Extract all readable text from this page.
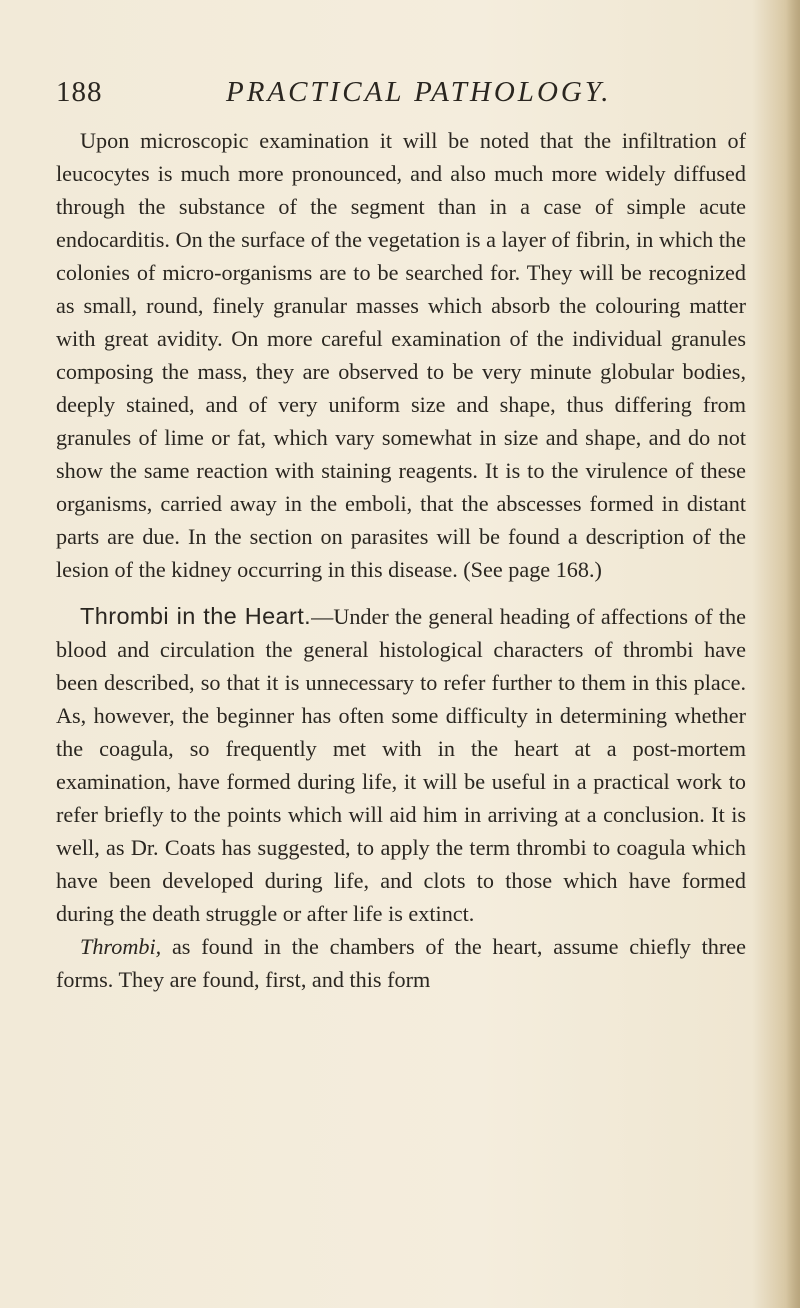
188	PRACTICAL PATHOLOGY.

Upon microscopic examination it will be noted that the infiltration of leucocytes is much more pronounced, and also much more widely diffused through the substance of the segment than in a case of simple acute endocarditis. On the surface of the vegetation is a layer of fibrin, in which the colonies of micro-organisms are to be searched for. They will be recognized as small, round, finely granular masses which absorb the colouring matter with great avidity. On more careful examination of the individual granules composing the mass, they are observed to be very minute globular bodies, deeply stained, and of very uniform size and shape, thus differing from granules of lime or fat, which vary somewhat in size and shape, and do not show the same reaction with staining reagents. It is to the virulence of these organisms, carried away in the emboli, that the abscesses formed in distant parts are due. In the section on parasites will be found a description of the lesion of the kidney occurring in this disease. (See page 168.)

Thrombi in the Heart.—Under the general heading of affections of the blood and circulation the general histological characters of thrombi have been described, so that it is unnecessary to refer further to them in this place. As, however, the beginner has often some difficulty in determining whether the coagula, so frequently met with in the heart at a post-mortem examination, have formed during life, it will be useful in a practical work to refer briefly to the points which will aid him in arriving at a conclusion. It is well, as Dr. Coats has suggested, to apply the term thrombi to coagula which have been developed during life, and clots to those which have formed during the death struggle or after life is extinct.

Thrombi, as found in the chambers of the heart, assume chiefly three forms. They are found, first, and this form
